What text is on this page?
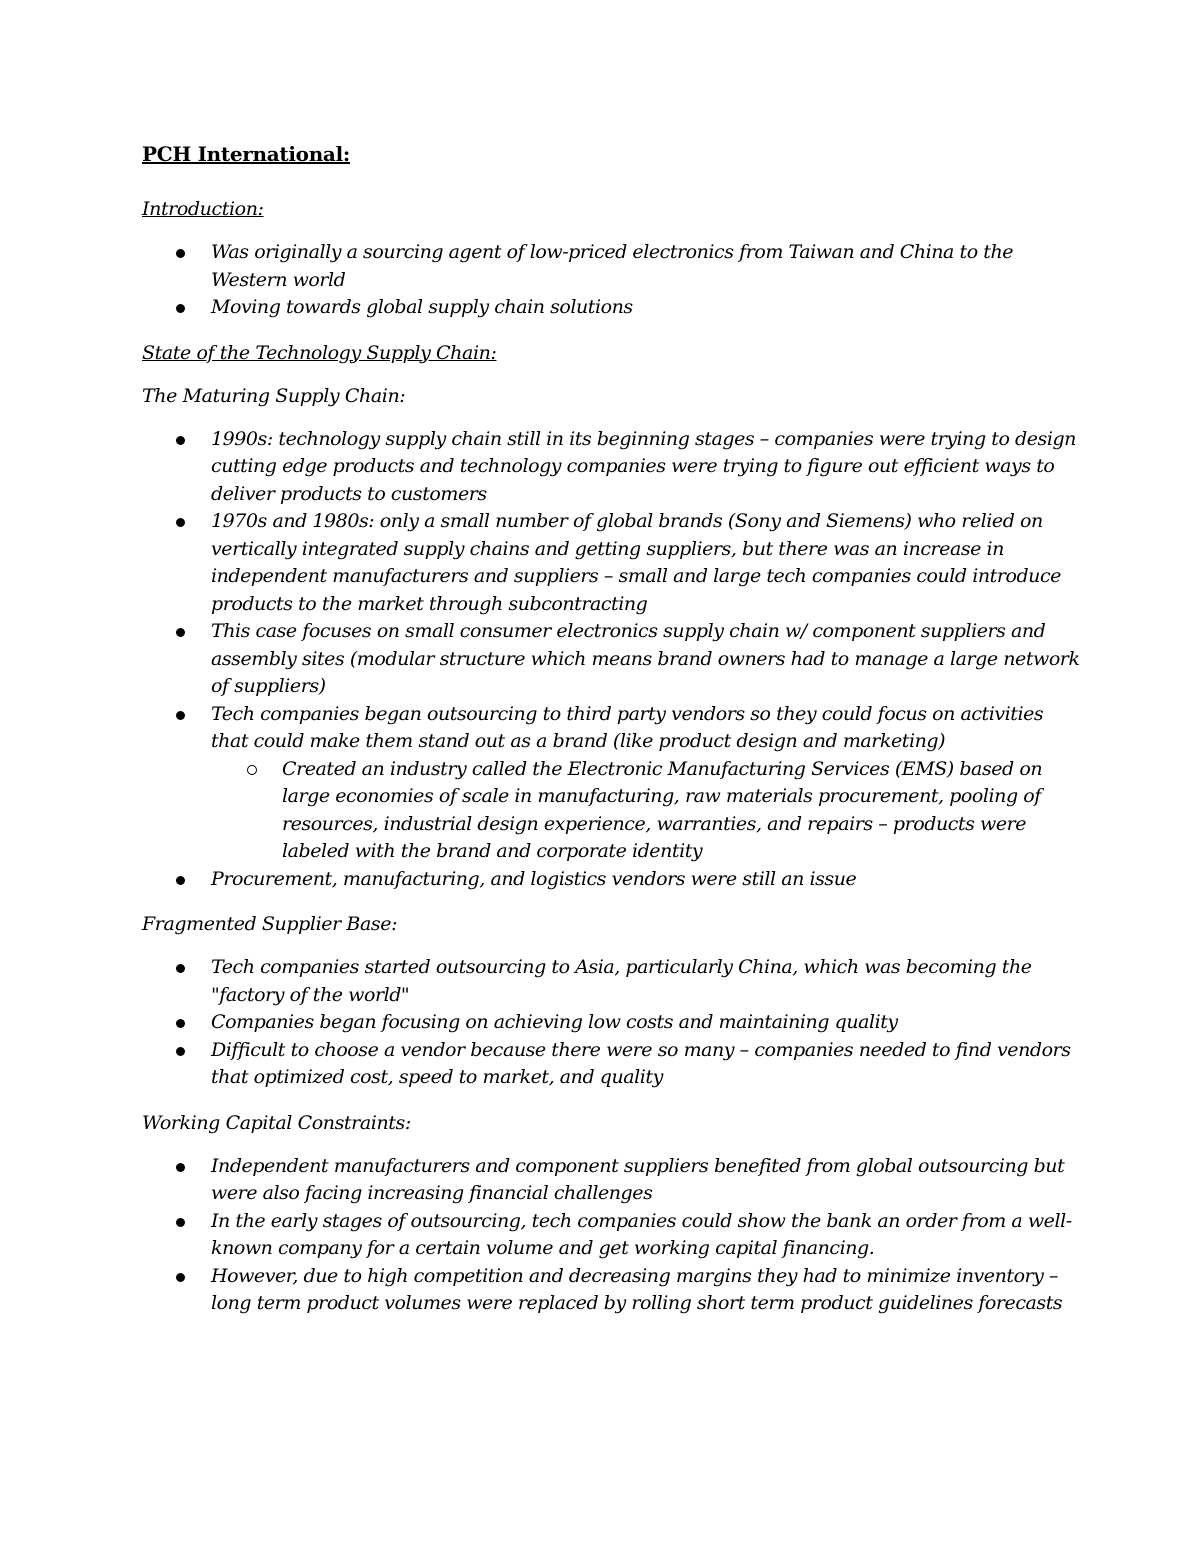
PCH International:
Introduction:
Was originally a sourcing agent of low-priced electronics from Taiwan and China to the Western world
Moving towards global supply chain solutions
State of the Technology Supply Chain:
The Maturing Supply Chain:
1990s: technology supply chain still in its beginning stages – companies were trying to design cutting edge products and technology companies were trying to figure out efficient ways to deliver products to customers
1970s and 1980s: only a small number of global brands (Sony and Siemens) who relied on vertically integrated supply chains and getting suppliers, but there was an increase in independent manufacturers and suppliers – small and large tech companies could introduce products to the market through subcontracting
This case focuses on small consumer electronics supply chain w/ component suppliers and assembly sites (modular structure which means brand owners had to manage a large network of suppliers)
Tech companies began outsourcing to third party vendors so they could focus on activities that could make them stand out as a brand (like product design and marketing)
Created an industry called the Electronic Manufacturing Services (EMS) based on large economies of scale in manufacturing, raw materials procurement, pooling of resources, industrial design experience, warranties, and repairs – products were labeled with the brand and corporate identity
Procurement, manufacturing, and logistics vendors were still an issue
Fragmented Supplier Base:
Tech companies started outsourcing to Asia, particularly China, which was becoming the "factory of the world"
Companies began focusing on achieving low costs and maintaining quality
Difficult to choose a vendor because there were so many – companies needed to find vendors that optimized cost, speed to market, and quality
Working Capital Constraints:
Independent manufacturers and component suppliers benefited from global outsourcing but were also facing increasing financial challenges
In the early stages of outsourcing, tech companies could show the bank an order from a well-known company for a certain volume and get working capital financing.
However, due to high competition and decreasing margins they had to minimize inventory – long term product volumes were replaced by rolling short term product guidelines forecasts
